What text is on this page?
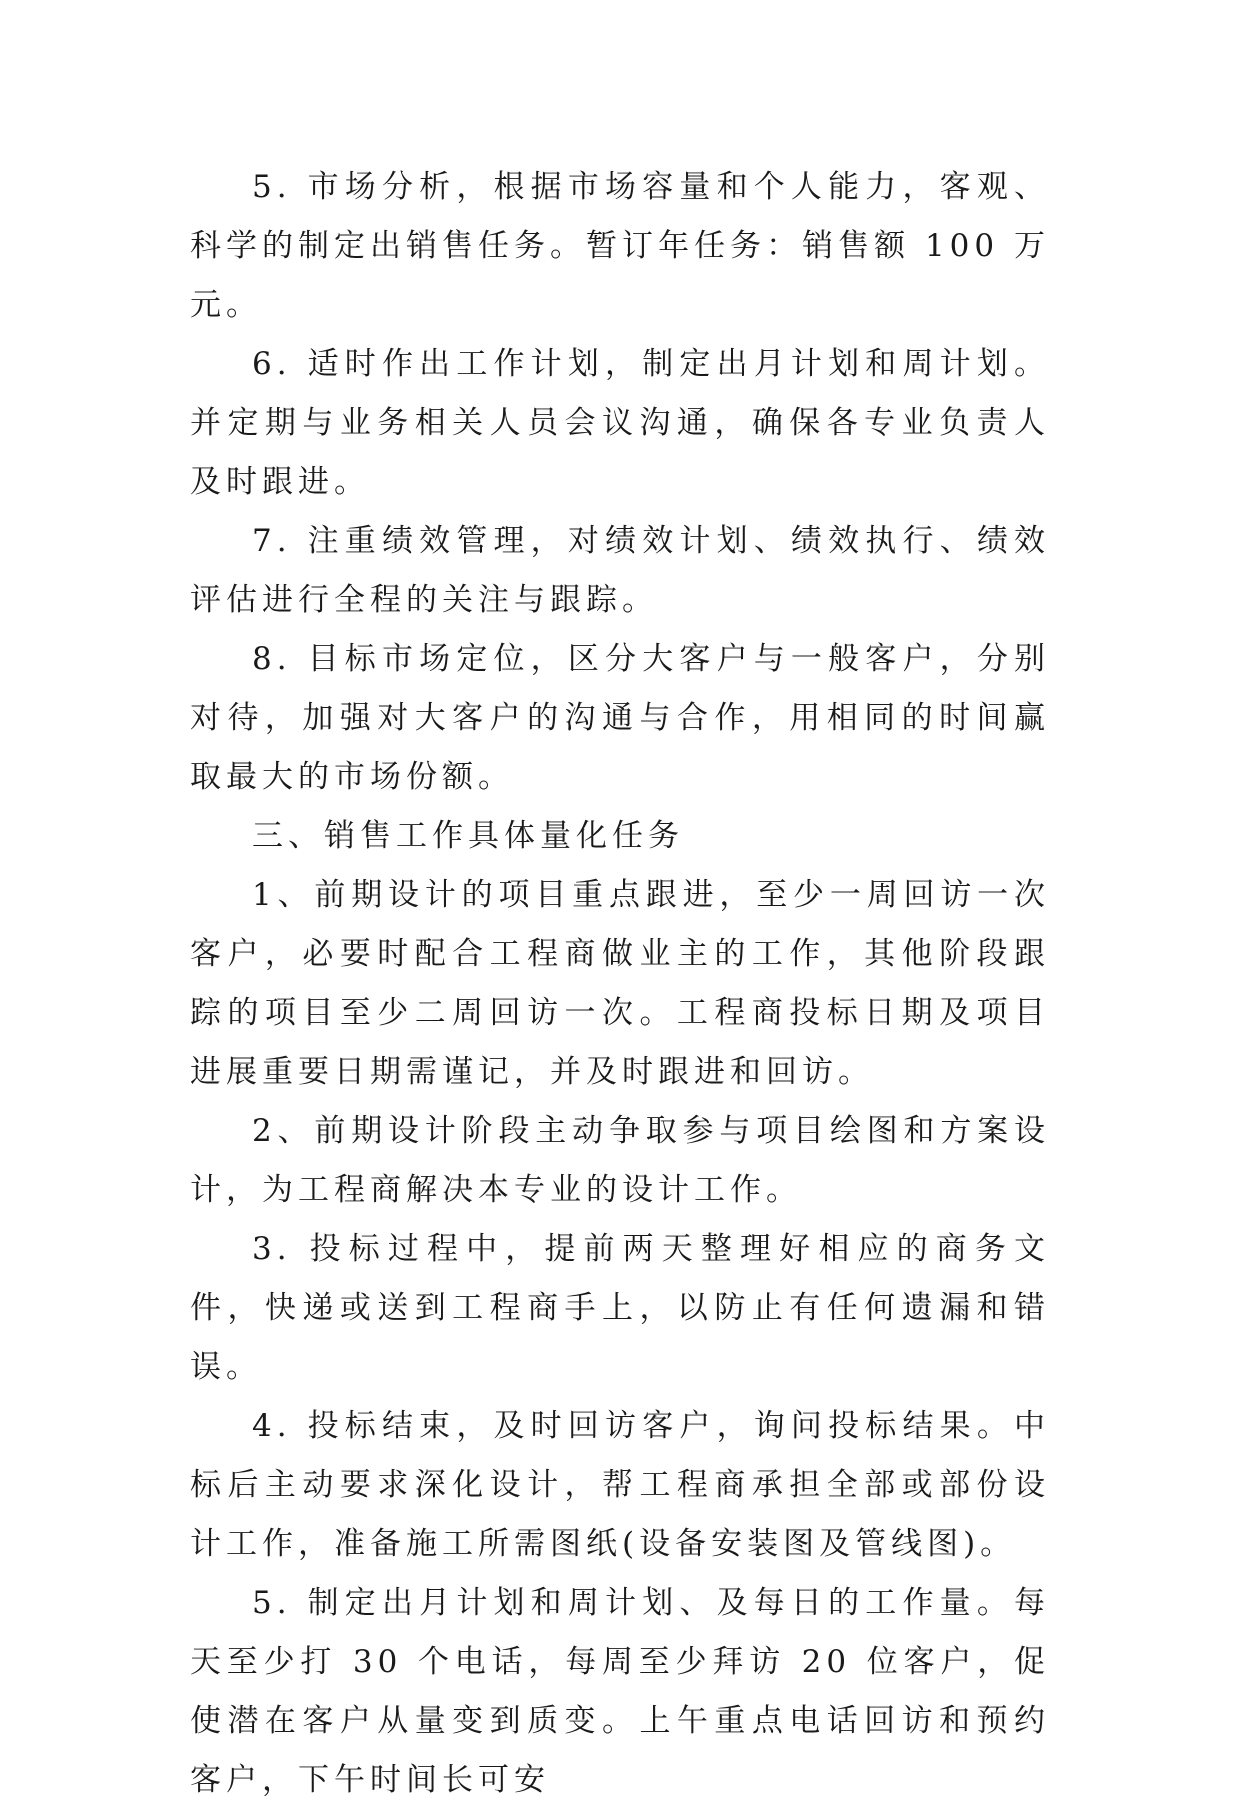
5. 市场分析，根据市场容量和个人能力，客观、科学的制定出销售任务。暂订年任务：销售额 100 万元。

6. 适时作出工作计划，制定出月计划和周计划。并定期与业务相关人员会议沟通，确保各专业负责人及时跟进。

7. 注重绩效管理，对绩效计划、绩效执行、绩效评估进行全程的关注与跟踪。

8. 目标市场定位，区分大客户与一般客户，分别对待，加强对大客户的沟通与合作，用相同的时间赢取最大的市场份额。

三、销售工作具体量化任务

1、前期设计的项目重点跟进，至少一周回访一次客户，必要时配合工程商做业主的工作，其他阶段跟踪的项目至少二周回访一次。工程商投标日期及项目进展重要日期需谨记，并及时跟进和回访。

2、前期设计阶段主动争取参与项目绘图和方案设计，为工程商解决本专业的设计工作。

3. 投标过程中，提前两天整理好相应的商务文件，快递或送到工程商手上，以防止有任何遗漏和错误。

4. 投标结束，及时回访客户，询问投标结果。中标后主动要求深化设计，帮工程商承担全部或部份设计工作，准备施工所需图纸(设备安装图及管线图)。

5. 制定出月计划和周计划、及每日的工作量。每天至少打 30 个电话，每周至少拜访 20 位客户，促使潜在客户从量变到质变。上午重点电话回访和预约客户，下午时间长可安
